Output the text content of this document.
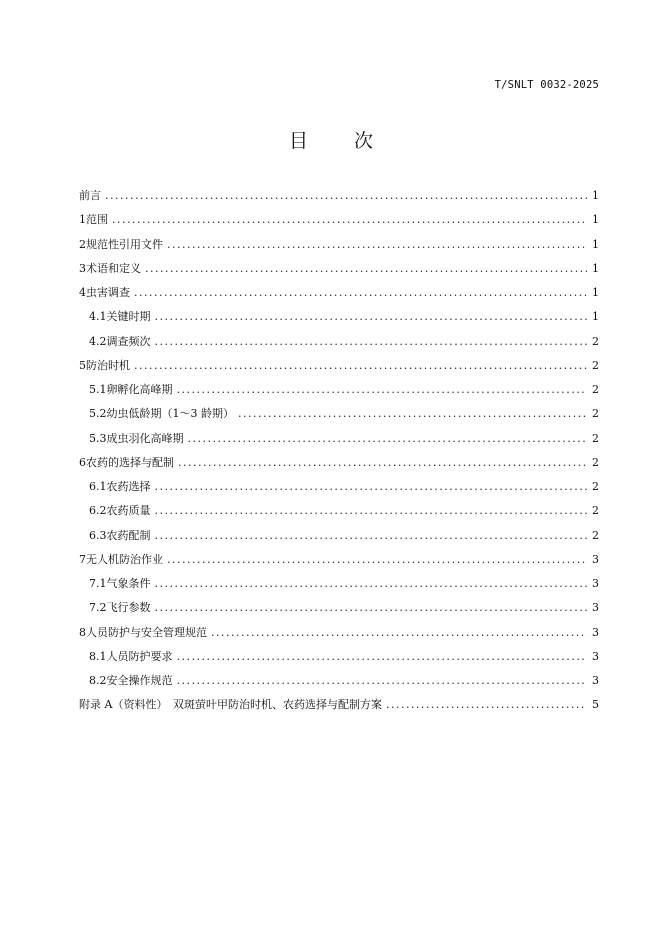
T/SNLT 0032-2025
目 次
前言 .....	1
1 范围 .....	1
2 规范性引用文件 .....	1
3 术语和定义 .....	1
4 虫害调查 .....	1
4.1 关键时期 .....	1
4.2 调查频次 .....	2
5 防治时机 .....	2
5.1 卵孵化高峰期 .....	2
5.2 幼虫低龄期（1～3 龄期） .....	2
5.3 成虫羽化高峰期 .....	2
6 农药的选择与配制 .....	2
6.1 农药选择 .....	2
6.2 农药质量 .....	2
6.3 农药配制 .....	2
7 无人机防治作业 .....	3
7.1 气象条件 .....	3
7.2 飞行参数 .....	3
8 人员防护与安全管理规范 .....	3
8.1 人员防护要求 .....	3
8.2 安全操作规范 .....	3
附录 A（资料性）　双斑萤叶甲防治时机、农药选择与配制方案 .....	5
